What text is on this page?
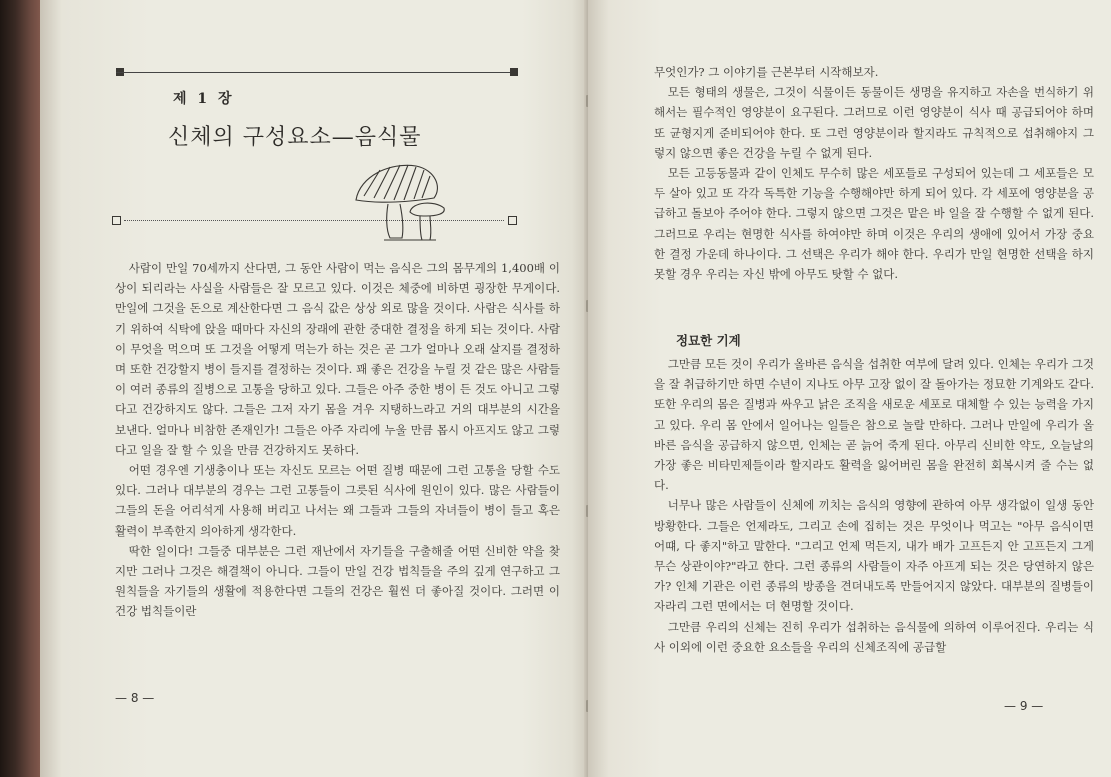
제 1 장
신체의 구성요소—음식물

사람이 만일 70세까지 산다면, 그 동안 사람이 먹는 음식은 그의 몸무게의 1,400배 이상이 되리라는 사실을 사람들은 잘 모르고 있다. 이것은 체중에 비하면 굉장한 무게이다. 만일에 그것을 돈으로 계산한다면 그 음식 값은 상상 외로 많을 것이다. 사람은 식사를 하기 위하여 식탁에 앉을 때마다 자신의 장래에 관한 중대한 결정을 하게 되는 것이다. 사람이 무엇을 먹으며 또 그것을 어떻게 먹는가 하는 것은 곧 그가 얼마나 오래 살지를 결정하며 또한 건강할지 병이 들지를 결정하는 것이다. 꽤 좋은 건강을 누릴 것 같은 많은 사람들이 여러 종류의 질병으로 고통을 당하고 있다. 그들은 아주 중한 병이 든 것도 아니고 그렇다고 건강하지도 않다. 그들은 그저 자기 몸을 겨우 지탱하느라고 거의 대부분의 시간을 보낸다. 얼마나 비참한 존재인가! 그들은 아주 자리에 누울 만큼 몹시 아프지도 않고 그렇다고 일을 잘 할 수 있을 만큼 건강하지도 못하다.

어떤 경우엔 기생충이나 또는 자신도 모르는 어떤 질병 때문에 그런 고통을 당할 수도 있다. 그러나 대부분의 경우는 그런 고통들이 그릇된 식사에 원인이 있다. 많은 사람들이 그들의 돈을 어리석게 사용해 버리고 나서는 왜 그들과 그들의 자녀들이 병이 들고 혹은 활력이 부족한지 의아하게 생각한다.

딱한 일이다! 그들중 대부분은 그런 재난에서 자기들을 구출해줄 어떤 신비한 약을 찾지만 그러나 그것은 해결책이 아니다. 그들이 만일 건강 법칙들을 주의 깊게 연구하고 그 원칙들을 자기들의 생활에 적용한다면 그들의 건강은 훨씬 더 좋아질 것이다. 그러면 이 건강 법칙들이란

— 8 —

무엇인가? 그 이야기를 근본부터 시작해보자.

모든 형태의 생물은, 그것이 식물이든 동물이든 생명을 유지하고 자손을 번식하기 위해서는 필수적인 영양분이 요구된다. 그러므로 이런 영양분이 식사 때 공급되어야 하며 또 균형지게 준비되어야 한다. 또 그런 영양분이라 할지라도 규칙적으로 섭취해야지 그렇지 않으면 좋은 건강을 누릴 수 없게 된다.

모든 고등동물과 같이 인체도 무수히 많은 세포들로 구성되어 있는데 그 세포들은 모두 살아 있고 또 각각 독특한 기능을 수행해야만 하게 되어 있다. 각 세포에 영양분을 공급하고 돌보아 주어야 한다. 그렇지 않으면 그것은 맡은 바 일을 잘 수행할 수 없게 된다. 그러므로 우리는 현명한 식사를 하여야만 하며 이것은 우리의 생애에 있어서 가장 중요한 결정 가운데 하나이다. 그 선택은 우리가 해야 한다. 우리가 만일 현명한 선택을 하지 못할 경우 우리는 자신 밖에 아무도 탓할 수 없다.

정묘한 기계

그만큼 모든 것이 우리가 올바른 음식을 섭취한 여부에 달려 있다. 인체는 우리가 그것을 잘 취급하기만 하면 수년이 지나도 아무 고장 없이 잘 돌아가는 정묘한 기계와도 같다. 또한 우리의 몸은 질병과 싸우고 낡은 조직을 새로운 세포로 대체할 수 있는 능력을 가지고 있다. 우리 몸 안에서 일어나는 일들은 참으로 놀랄 만하다. 그러나 만일에 우리가 올바른 음식을 공급하지 않으면, 인체는 곧 늙어 죽게 된다. 아무리 신비한 약도, 오늘날의 가장 좋은 비타민제들이라 할지라도 활력을 잃어버린 몸을 완전히 회복시켜 줄 수는 없다.

너무나 많은 사람들이 신체에 끼치는 음식의 영향에 관하여 아무 생각없이 일생 동안 방황한다. 그들은 언제라도, 그리고 손에 집히는 것은 무엇이나 먹고는 "아무 음식이면 어떄, 다 좋지"하고 말한다. "그리고 언제 먹든지, 내가 배가 고프든지 안 고프든지 그게 무슨 상관이야?"라고 한다. 그런 종류의 사람들이 자주 아프게 되는 것은 당연하지 않은가? 인체 기관은 이런 종류의 방종을 견뎌내도록 만들어지지 않았다. 대부분의 질병들이 자라리 그런 면에서는 더 현명할 것이다.

그만큼 우리의 신체는 진히 우리가 섭취하는 음식물에 의하여 이루어진다. 우리는 식사 이외에 이런 중요한 요소들을 우리의 신체조직에 공급할

— 9 —
